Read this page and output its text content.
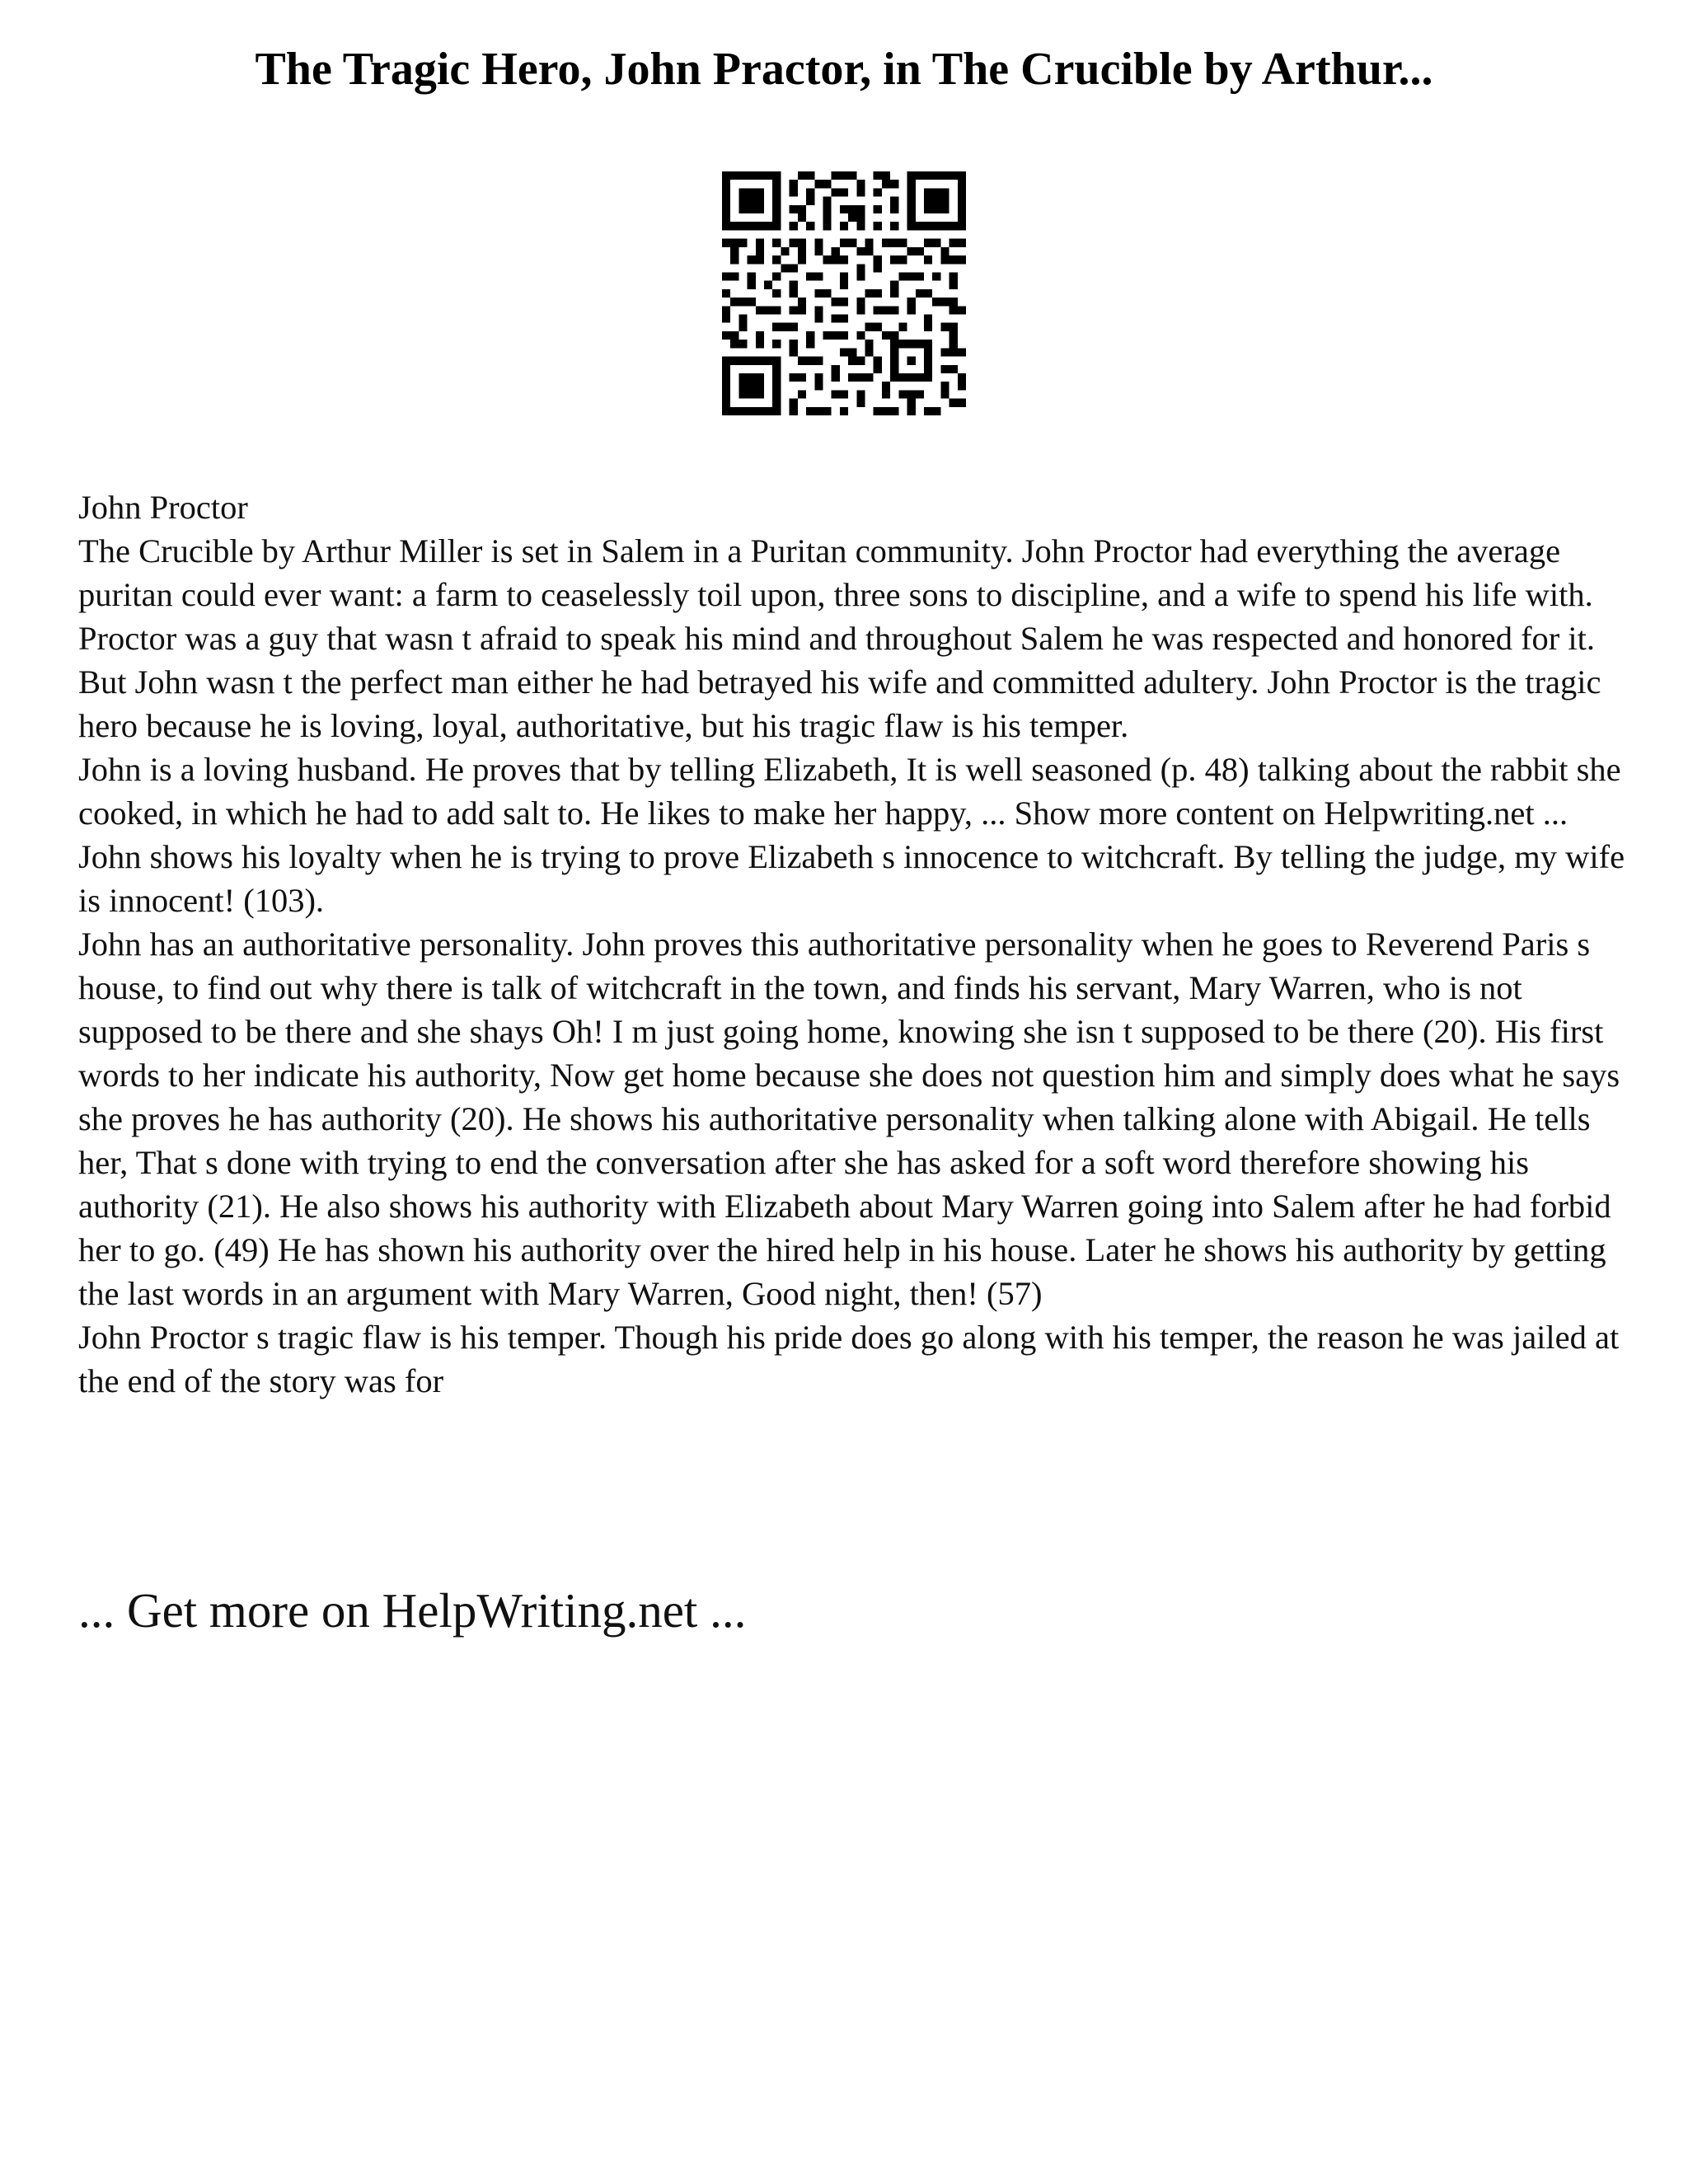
The Tragic Hero, John Practor, in The Crucible by Arthur...

John Proctor

The Crucible by Arthur Miller is set in Salem in a Puritan community. John Proctor had everything the average puritan could ever want: a farm to ceaselessly toil upon, three sons to discipline, and a wife to spend his life with. Proctor was a guy that wasn t afraid to speak his mind and throughout Salem he was respected and honored for it. But John wasn t the perfect man either he had betrayed his wife and committed adultery. John Proctor is the tragic hero because he is loving, loyal, authoritative, but his tragic flaw is his temper.

John is a loving husband. He proves that by telling Elizabeth, It is well seasoned (p. 48) talking about the rabbit she cooked, in which he had to add salt to. He likes to make her happy, ... Show more content on Helpwriting.net ...

John shows his loyalty when he is trying to prove Elizabeth s innocence to witchcraft. By telling the judge, my wife is innocent! (103).

John has an authoritative personality. John proves this authoritative personality when he goes to Reverend Paris s house, to find out why there is talk of witchcraft in the town, and finds his servant, Mary Warren, who is not supposed to be there and she shays Oh! I m just going home, knowing she isn t supposed to be there (20). His first words to her indicate his authority, Now get home because she does not question him and simply does what he says she proves he has authority (20). He shows his authoritative personality when talking alone with Abigail. He tells her, That s done with trying to end the conversation after she has asked for a soft word therefore showing his authority (21). He also shows his authority with Elizabeth about Mary Warren going into Salem after he had forbid her to go. (49) He has shown his authority over the hired help in his house. Later he shows his authority by getting the last words in an argument with Mary Warren, Good night, then! (57)

John Proctor s tragic flaw is his temper. Though his pride does go along with his temper, the reason he was jailed at the end of the story was for

... Get more on HelpWriting.net ...
